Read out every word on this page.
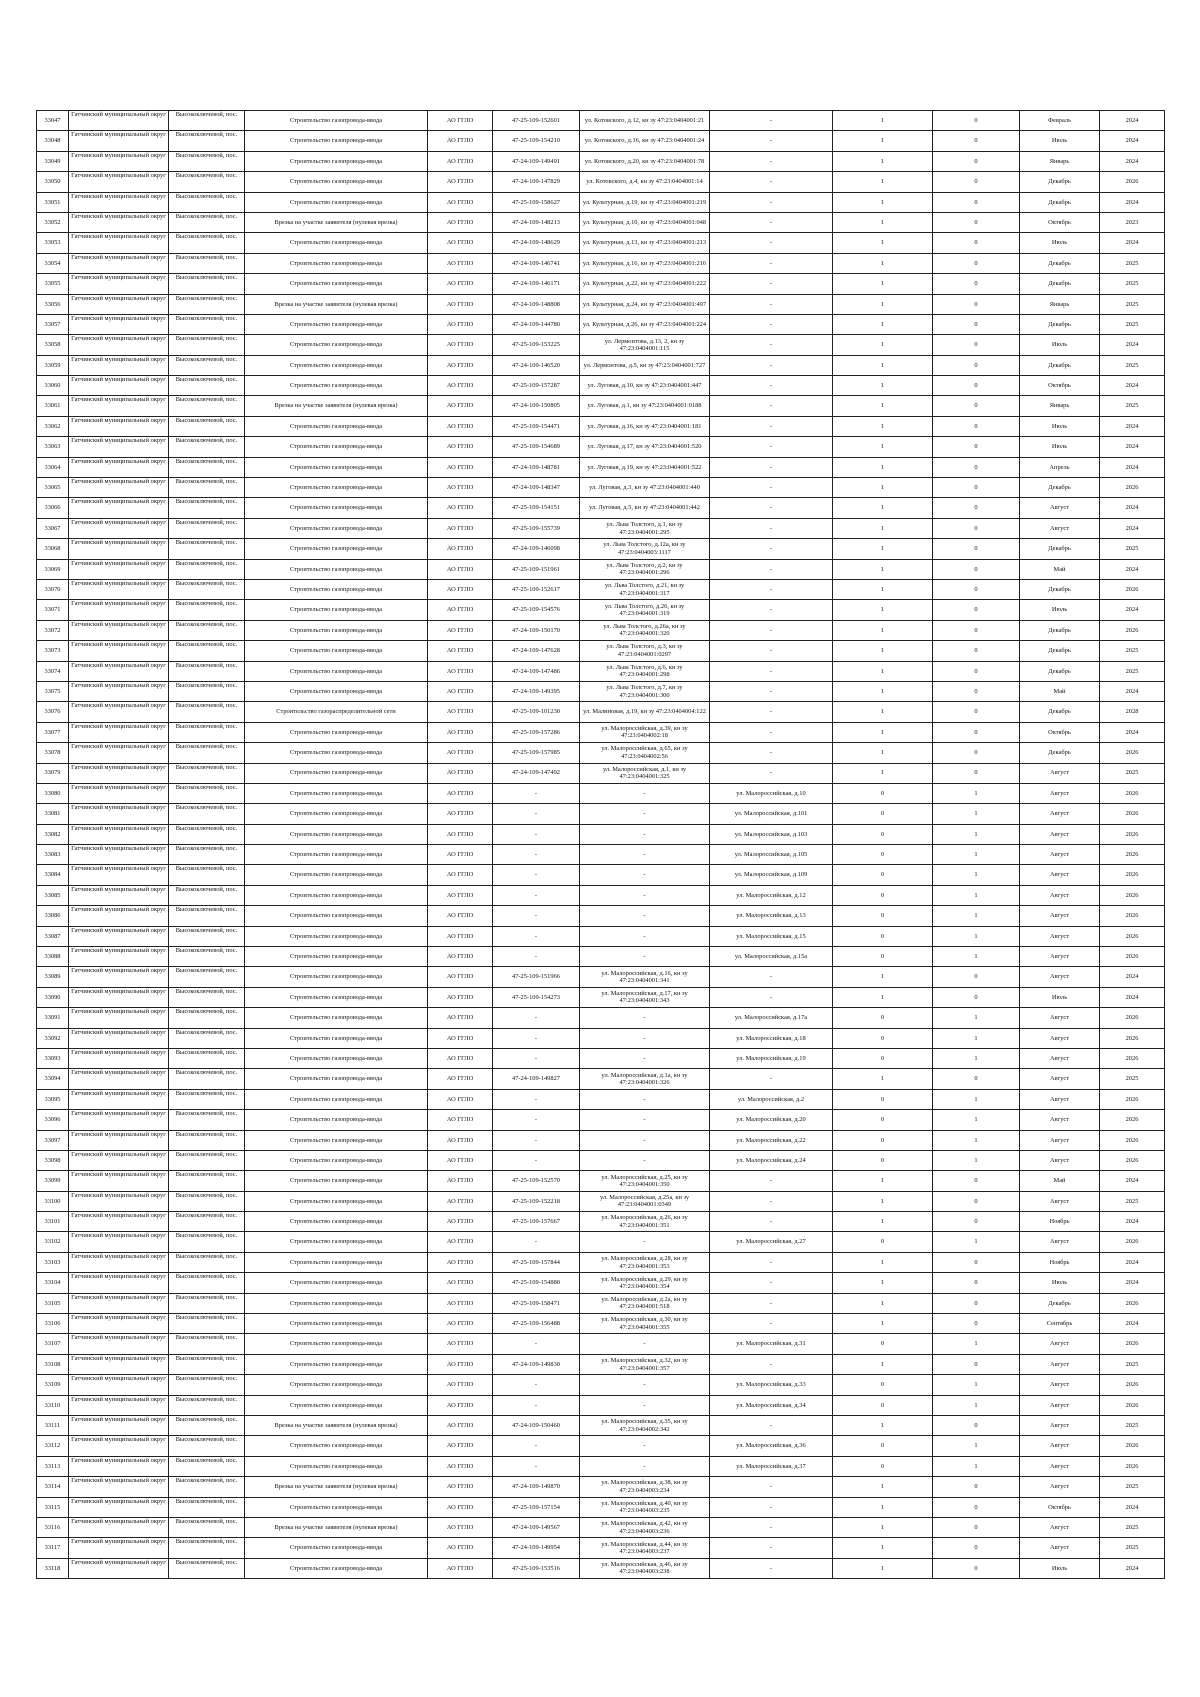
33047	Гатчинский муниципальный округ	Высокоключевой, пос.	Строительство газопровода-ввода	АО ГГЛО	47-25-109-152601	ул. Котовского, д.12, кн зу 47:23:0404001:21	-	1	0	Февраль	2024
33048	Гатчинский муниципальный округ	Высокоключевой, пос.	Строительство газопровода-ввода	АО ГГЛО	47-25-109-154210	ул. Котовского, д.16, кн зу 47:23:0404001:24	-	1	0	Июль	2024
33049	Гатчинский муниципальный округ	Высокоключевой, пос.	Строительство газопровода-ввода	АО ГГЛО	47-24-109-149491	ул. Котовского, д.20, кн зу 47:23:0404001:78	-	1	0	Январь	2024
33050	Гатчинский муниципальный округ	Высокоключевой, пос.	Строительство газопровода-ввода	АО ГГЛО	47-24-109-147829	ул. Котовского, д.4, кн зу 47:23:0404001:14	-	1	0	Декабрь	2026
33051	Гатчинский муниципальный округ	Высокоключевой, пос.	Строительство газопровода-ввода	АО ГГЛО	47-25-109-158627	ул. Культурная, д.19, кн зу 47:23:0404001:219	-	1	0	Декабрь	2024
33052	Гатчинский муниципальный округ	Высокоключевой, пос.	Врезка на участке заявителя (нулевая врезка)	АО ГГЛО	47-24-109-148213	ул. Культурная, д.10, кн зу 47:23:0404001:048	-	1	0	Октябрь	2023
33053	Гатчинский муниципальный округ	Высокоключевой, пос.	Строительство газопровода-ввода	АО ГГЛО	47-24-109-148629	ул. Культурная, д.13, кн зу 47:23:0404001:213	-	1	0	Июль	2024
33054	Гатчинский муниципальный округ	Высокоключевой, пос.	Строительство газопровода-ввода	АО ГГЛО	47-24-109-146741	ул. Культурная, д.16, кн зу 47:23:0404001:216	-	1	0	Декабрь	2025
33055	Гатчинский муниципальный округ	Высокоключевой, пос.	Строительство газопровода-ввода	АО ГГЛО	47-24-109-146171	ул. Культурная, д.22, кн зу 47:23:0404001:222	-	1	0	Декабрь	2025
33056	Гатчинский муниципальный округ	Высокоключевой, пос.	Врезка на участке заявителя (нулевая врезка)	АО ГГЛО	47-24-109-148808	ул. Культурная, д.24, кн зу 47:23:0404001:497	-	1	0	Январь	2025
33057	Гатчинский муниципальный округ	Высокоключевой, пос.	Строительство газопровода-ввода	АО ГГЛО	47-24-109-144780	ул. Культурная, д.26, кн зу 47:23:0404001:224	-	1	0	Декабрь	2025
33058	Гатчинский муниципальный округ	Высокоключевой, пос.	Строительство газопровода-ввода	АО ГГЛО	47-25-109-153225	ул. Лермонтова, д.13, 2, кн зу 47:23:0404001:115	-	1	0	Июль	2024
33059	Гатчинский муниципальный округ	Высокоключевой, пос.	Строительство газопровода-ввода	АО ГГЛО	47-24-109-146520	ул. Лермонтова, д.5, кн зу 47:23:0404001:727	-	1	0	Декабрь	2025
33060	Гатчинский муниципальный округ	Высокоключевой, пос.	Строительство газопровода-ввода	АО ГГЛО	47-25-109-157287	ул. Луговая, д.10, кн зу 47:23:0404001:447	-	1	0	Октябрь	2024
33061	Гатчинский муниципальный округ	Высокоключевой, пос.	Врезка на участке заявителя (нулевая врезка)	АО ГГЛО	47-24-109-150805	ул. Луговая, д.1, кн зу 47:23:0404001:0188	-	1	0	Январь	2025
33062	Гатчинский муниципальный округ	Высокоключевой, пос.	Строительство газопровода-ввода	АО ГГЛО	47-25-109-154471	ул. Луговая, д.16, кн зу 47:23:0404001:181	-	1	0	Июль	2024
33063	Гатчинский муниципальный округ	Высокоключевой, пос.	Строительство газопровода-ввода	АО ГГЛО	47-25-109-154689	ул. Луговая, д.17, кн зу 47:23:0404001:520	-	1	0	Июль	2024
33064	Гатчинский муниципальный округ	Высокоключевой, пос.	Строительство газопровода-ввода	АО ГГЛО	47-24-109-148781	ул. Луговая, д.19, кн зу 47:23:0404001:522	-	1	0	Апрель	2024
33065	Гатчинский муниципальный округ	Высокоключевой, пос.	Строительство газопровода-ввода	АО ГГЛО	47-24-109-148347	ул. Луговая, д.3, кн зу 47:23:0404001:440	-	1	0	Декабрь	2026
33066	Гатчинский муниципальный округ	Высокоключевой, пос.	Строительство газопровода-ввода	АО ГГЛО	47-25-109-154151	ул. Луговая, д.5, кн зу 47:23:0404001:442	-	1	0	Август	2024
33067	Гатчинский муниципальный округ	Высокоключевой, пос.	Строительство газопровода-ввода	АО ГГЛО	47-25-109-155739	ул. Льва Толстого, д.1, кн зу 47:23:0404001:295	-	1	0	Август	2024
33068	Гатчинский муниципальный округ	Высокоключевой, пос.	Строительство газопровода-ввода	АО ГГЛО	47-24-109-146098	ул. Льва Толстого, д.12а, кн зу 47:23:0404003:1117	-	1	0	Декабрь	2025
33069	Гатчинский муниципальный округ	Высокоключевой, пос.	Строительство газопровода-ввода	АО ГГЛО	47-25-109-151961	ул. Льва Толстого, д.2, кн зу 47:23:0404001:296	-	1	0	Май	2024
33070	Гатчинский муниципальный округ	Высокоключевой, пос.	Строительство газопровода-ввода	АО ГГЛО	47-25-109-152617	ул. Льва Толстого, д.21, кн зу 47:23:0404001:317	-	1	0	Декабрь	2026
33071	Гатчинский муниципальный округ	Высокоключевой, пос.	Строительство газопровода-ввода	АО ГГЛО	47-25-109-154576	ул. Льва Толстого, д.26, кн зу 47:23:0404001:319	-	1	0	Июль	2024
33072	Гатчинский муниципальный округ	Высокоключевой, пос.	Строительство газопровода-ввода	АО ГГЛО	47-24-109-150170	ул. Льва Толстого, д.26а, кн зу 47:23:0404001:320	-	1	0	Декабрь	2026
33073	Гатчинский муниципальный округ	Высокоключевой, пос.	Строительство газопровода-ввода	АО ГГЛО	47-24-109-147628	ул. Льва Толстого, д.3, кн зу 47:23:0404001:0297	-	1	0	Декабрь	2025
33074	Гатчинский муниципальный округ	Высокоключевой, пос.	Строительство газопровода-ввода	АО ГГЛО	47-24-109-147486	ул. Льва Толстого, д.6, кн зу 47:23:0404001:298	-	1	0	Декабрь	2025
33075	Гатчинский муниципальный округ	Высокоключевой, пос.	Строительство газопровода-ввода	АО ГГЛО	47-24-109-149395	ул. Льва Толстого, д.7, кн зу 47:23:0404001:300	-	1	0	Май	2024
33076	Гатчинский муниципальный округ	Высокоключевой, пос.	Строительство газораспределительной сети	АО ГГЛО	47-25-109-101230	ул. Малиновая, д.19, кн зу 47:23:0404004:122	-	1	0	Декабрь	2028
33077	Гатчинский муниципальный округ	Высокоключевой, пос.	Строительство газопровода-ввода	АО ГГЛО	47-25-109-157286	ул. Малороссийская, д.39, кн зу 47:23:0404002:18	-	1	0	Октябрь	2024
33078	Гатчинский муниципальный округ	Высокоключевой, пос.	Строительство газопровода-ввода	АО ГГЛО	47-25-109-157985	ул. Малороссийская, д.65, кн зу 47:23:0404002:56	-	1	0	Декабрь	2026
33079	Гатчинский муниципальный округ	Высокоключевой, пос.	Строительство газопровода-ввода	АО ГГЛО	47-24-109-147492	ул. Малороссийская, д.1, кн зу 47:23:0404001:325	-	1	0	Август	2025
33080	Гатчинский муниципальный округ	Высокоключевой, пос.	Строительство газопровода-ввода	АО ГГЛО	-	-	ул. Малороссийская, д.10	0	1	Август	2026
33081	Гатчинский муниципальный округ	Высокоключевой, пос.	Строительство газопровода-ввода	АО ГГЛО	-	-	ул. Малороссийская, д.101	0	1	Август	2026
33082	Гатчинский муниципальный округ	Высокоключевой, пос.	Строительство газопровода-ввода	АО ГГЛО	-	-	ул. Малороссийская, д.103	0	1	Август	2026
33083	Гатчинский муниципальный округ	Высокоключевой, пос.	Строительство газопровода-ввода	АО ГГЛО	-	-	ул. Малороссийская, д.105	0	1	Август	2026
33084	Гатчинский муниципальный округ	Высокоключевой, пос.	Строительство газопровода-ввода	АО ГГЛО	-	-	ул. Малороссийская, д.109	0	1	Август	2026
33085	Гатчинский муниципальный округ	Высокоключевой, пос.	Строительство газопровода-ввода	АО ГГЛО	-	-	ул. Малороссийская, д.12	0	1	Август	2026
33086	Гатчинский муниципальный округ	Высокоключевой, пос.	Строительство газопровода-ввода	АО ГГЛО	-	-	ул. Малороссийская, д.13	0	1	Август	2026
33087	Гатчинский муниципальный округ	Высокоключевой, пос.	Строительство газопровода-ввода	АО ГГЛО	-	-	ул. Малороссийская, д.15	0	1	Август	2026
33088	Гатчинский муниципальный округ	Высокоключевой, пос.	Строительство газопровода-ввода	АО ГГЛО	-	-	ул. Малороссийская, д.15а	0	1	Август	2026
33089	Гатчинский муниципальный округ	Высокоключевой, пос.	Строительство газопровода-ввода	АО ГГЛО	47-25-109-151966	ул. Малороссийская, д.16, кн зу 47:23:0404001:341	-	1	0	Август	2024
33090	Гатчинский муниципальный округ	Высокоключевой, пос.	Строительство газопровода-ввода	АО ГГЛО	47-25-109-154273	ул. Малороссийская, д.17, кн зу 47:23:0404001:343	-	1	0	Июль	2024
33091	Гатчинский муниципальный округ	Высокоключевой, пос.	Строительство газопровода-ввода	АО ГГЛО	-	-	ул. Малороссийская, д.17а	0	1	Август	2026
33092	Гатчинский муниципальный округ	Высокоключевой, пос.	Строительство газопровода-ввода	АО ГГЛО	-	-	ул. Малороссийская, д.18	0	1	Август	2026
33093	Гатчинский муниципальный округ	Высокоключевой, пос.	Строительство газопровода-ввода	АО ГГЛО	-	-	ул. Малороссийская, д.19	0	1	Август	2026
33094	Гатчинский муниципальный округ	Высокоключевой, пос.	Строительство газопровода-ввода	АО ГГЛО	47-24-109-149827	ул. Малороссийская, д.1а, кн зу 47:23:0404001:326	-	1	0	Август	2025
33095	Гатчинский муниципальный округ	Высокоключевой, пос.	Строительство газопровода-ввода	АО ГГЛО	-	-	ул. Малороссийская, д.2	0	1	Август	2026
33096	Гатчинский муниципальный округ	Высокоключевой, пос.	Строительство газопровода-ввода	АО ГГЛО	-	-	ул. Малороссийская, д.20	0	1	Август	2026
33097	Гатчинский муниципальный округ	Высокоключевой, пос.	Строительство газопровода-ввода	АО ГГЛО	-	-	ул. Малороссийская, д.22	0	1	Август	2026
33098	Гатчинский муниципальный округ	Высокоключевой, пос.	Строительство газопровода-ввода	АО ГГЛО	-	-	ул. Малороссийская, д.24	0	1	Август	2026
33099	Гатчинский муниципальный округ	Высокоключевой, пос.	Строительство газопровода-ввода	АО ГГЛО	47-25-109-152570	ул. Малороссийская, д.25, кн зу 47:23:0404001:350	-	1	0	Май	2024
33100	Гатчинский муниципальный округ	Высокоключевой, пос.	Строительство газопровода-ввода	АО ГГЛО	47-25-109-152218	ул. Малороссийская, д.25а, кн зу 47:23:0404001:0349	-	1	0	Август	2025
33101	Гатчинский муниципальный округ	Высокоключевой, пос.	Строительство газопровода-ввода	АО ГГЛО	47-25-109-157667	ул. Малороссийская, д.26, кн зу 47:23:0404001:351	-	1	0	Ноябрь	2024
33102	Гатчинский муниципальный округ	Высокоключевой, пос.	Строительство газопровода-ввода	АО ГГЛО	-	-	ул. Малороссийская, д.27	0	1	Август	2026
33103	Гатчинский муниципальный округ	Высокоключевой, пос.	Строительство газопровода-ввода	АО ГГЛО	47-25-109-157844	ул. Малороссийская, д.28, кн зу 47:23:0404001:353	-	1	0	Ноябрь	2024
33104	Гатчинский муниципальный округ	Высокоключевой, пос.	Строительство газопровода-ввода	АО ГГЛО	47-25-109-154880	ул. Малороссийская, д.29, кн зу 47:23:0404001:354	-	1	0	Июль	2024
33105	Гатчинский муниципальный округ	Высокоключевой, пос.	Строительство газопровода-ввода	АО ГГЛО	47-25-109-158471	ул. Малороссийская, д.2а, кн зу 47:23:0404001:518	-	1	0	Декабрь	2026
33106	Гатчинский муниципальный округ	Высокоключевой, пос.	Строительство газопровода-ввода	АО ГГЛО	47-25-109-156488	ул. Малороссийская, д.30, кн зу 47:23:0404001:355	-	1	0	Сентябрь	2024
33107	Гатчинский муниципальный округ	Высокоключевой, пос.	Строительство газопровода-ввода	АО ГГЛО	-	-	ул. Малороссийская, д.31	0	1	Август	2026
33108	Гатчинский муниципальный округ	Высокоключевой, пос.	Строительство газопровода-ввода	АО ГГЛО	47-24-109-149830	ул. Малороссийская, д.32, кн зу 47:23:0404001:357	-	1	0	Август	2025
33109	Гатчинский муниципальный округ	Высокоключевой, пос.	Строительство газопровода-ввода	АО ГГЛО	-	-	ул. Малороссийская, д.33	0	1	Август	2026
33110	Гатчинский муниципальный округ	Высокоключевой, пос.	Строительство газопровода-ввода	АО ГГЛО	-	-	ул. Малороссийская, д.34	0	1	Август	2026
33111	Гатчинский муниципальный округ	Высокоключевой, пос.	Врезка на участке заявителя (нулевая врезка)	АО ГГЛО	47-24-109-150460	ул. Малороссийская, д.35, кн зу 47:23:0404002:342	-	1	0	Август	2025
33112	Гатчинский муниципальный округ	Высокоключевой, пос.	Строительство газопровода-ввода	АО ГГЛО	-	-	ул. Малороссийская, д.36	0	1	Август	2026
33113	Гатчинский муниципальный округ	Высокоключевой, пос.	Строительство газопровода-ввода	АО ГГЛО	-	-	ул. Малороссийская, д.37	0	1	Август	2026
33114	Гатчинский муниципальный округ	Высокоключевой, пос.	Врезка на участке заявителя (нулевая врезка)	АО ГГЛО	47-24-109-149870	ул. Малороссийская, д.38, кн зу 47:23:0404003:234	-	1	0	Август	2025
33115	Гатчинский муниципальный округ	Высокоключевой, пос.	Строительство газопровода-ввода	АО ГГЛО	47-25-109-157154	ул. Малороссийская, д.40, кн зу 47:23:0404003:235	-	1	0	Октябрь	2024
33116	Гатчинский муниципальный округ	Высокоключевой, пос.	Врезка на участке заявителя (нулевая врезка)	АО ГГЛО	47-24-109-149567	ул. Малороссийская, д.42, кн зу 47:23:0404003:236	-	1	0	Август	2025
33117	Гатчинский муниципальный округ	Высокоключевой, пос.	Строительство газопровода-ввода	АО ГГЛО	47-24-109-149954	ул. Малороссийская, д.44, кн зу 47:23:0404003:237	-	1	0	Август	2025
33118	Гатчинский муниципальный округ	Высокоключевой, пос.	Строительство газопровода-ввода	АО ГГЛО	47-25-109-153516	ул. Малороссийская, д.46, кн зу 47:23:0404003:238	-	1	0	Июль	2024
